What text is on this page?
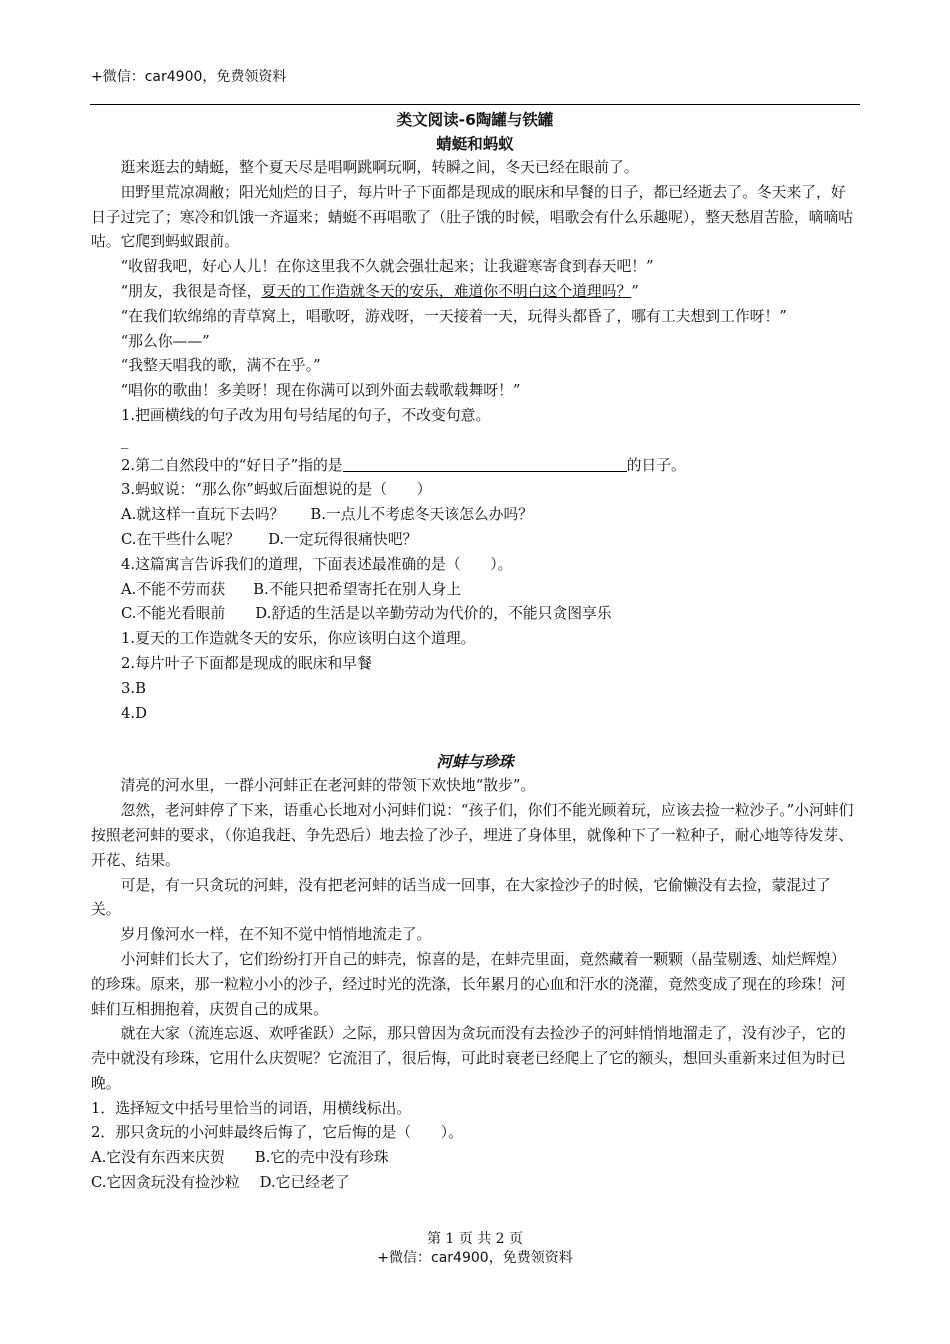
+微信：car4900，免费领资料
类文阅读-6陶罐与铁罐
蜻蜓和蚂蚁

逛来逛去的蜻蜓，整个夏天尽是唱啊跳啊玩啊，转瞬之间，冬天已经在眼前了。

田野里荒凉凋敝；阳光灿烂的日子，每片叶子下面都是现成的眠床和早餐的日子，都已经逝去了。冬天来了，好日子过完了；寒冷和饥饿一齐逼来；蜻蜓不再唱歌了（肚子饿的时候，唱歌会有什么乐趣呢），整天愁眉苦脸，嘀嘀咕咕。它爬到蚂蚁跟前。

“收留我吧，好心人儿！在你这里我不久就会强壮起来；让我避寒寄食到春天吧！”

“朋友，我很是奇怪，夏天的工作造就冬天的安乐，难道你不明白这个道理吗？”

“在我们软绵绵的青草窝上，唱歌呀，游戏呀，一天接着一天，玩得头都昏了，哪有工夫想到工作呀！”

“那么你——”

“我整天唱我的歌，满不在乎。”

“唱你的歌曲！多美呀！现在你满可以到外面去载歌载舞呀！”

1.把画横线的句子改为用句号结尾的句子，不改变句意。

_

2.第二自然段中的“好日子”指的是	的日子。

3.蚂蚁说：“那么你”蚂蚁后面想说的是（　　）

A.就这样一直玩下去吗？ B.一点儿不考虑冬天该怎么办吗？

C.在干些什么呢？ D.一定玩得很痛快吧？

4.这篇寓言告诉我们的道理，下面表述最准确的是（　　）。

A.不能不劳而获 B.不能只把希望寄托在别人身上

C.不能光看眼前 D.舒适的生活是以辛勤劳动为代价的，不能只贪图享乐

1.夏天的工作造就冬天的安乐，你应该明白这个道理。

2.每片叶子下面都是现成的眠床和早餐

3.B

4.D

河蚌与珍珠

清亮的河水里，一群小河蚌正在老河蚌的带领下欢快地“散步”。

忽然，老河蚌停了下来，语重心长地对小河蚌们说：“孩子们，你们不能光顾着玩，应该去捡一粒沙子。”小河蚌们按照老河蚌的要求，（你追我赶、争先恐后）地去捡了沙子，埋进了身体里，就像种下了一粒种子，耐心地等待发芽、开花、结果。

可是，有一只贪玩的河蚌，没有把老河蚌的话当成一回事，在大家捡沙子的时候，它偷懒没有去捡，蒙混过了关。

岁月像河水一样，在不知不觉中悄悄地流走了。

小河蚌们长大了，它们纷纷打开自己的蚌壳，惊喜的是，在蚌壳里面，竟然藏着一颗颗（晶莹剔透、灿烂辉煌）的珍珠。原来，那一粒粒小小的沙子，经过时光的洗涤，长年累月的心血和汗水的浇灌，竟然变成了现在的珍珠！河蚌们互相拥抱着，庆贺自己的成果。

就在大家（流连忘返、欢呼雀跃）之际，那只曾因为贪玩而没有去捡沙子的河蚌悄悄地溜走了，没有沙子，它的壳中就没有珍珠，它用什么庆贺呢？它流泪了，很后悔，可此时衰老已经爬上了它的额头，想回头重新来过但为时已晚。

1．选择短文中括号里恰当的词语，用横线标出。

2．那只贪玩的小河蚌最终后悔了，它后悔的是（　　）。

A.它没有东西来庆贺 B.它的壳中没有珍珠

C.它因贪玩没有捡沙粒 D.它已经老了

第 1 页 共 2 页
+微信：car4900，免费领资料
